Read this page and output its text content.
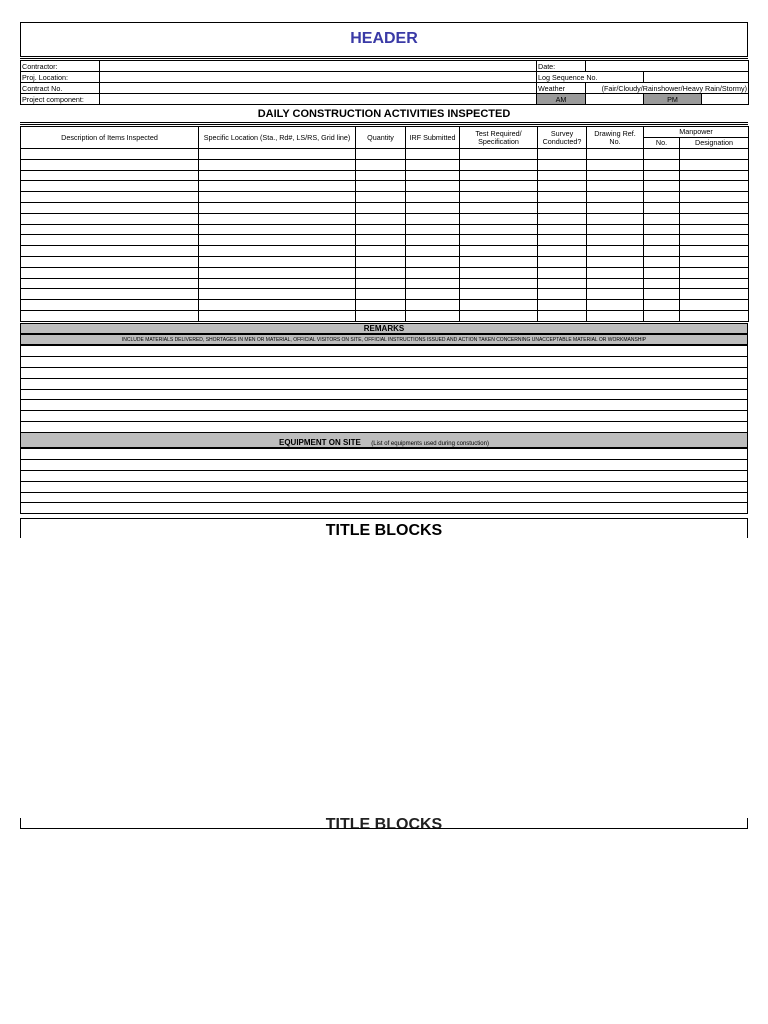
HEADER
Contractor:		Date:			
Proj. Location:		Log Sequence No.			
Contract No.		Weather	(Fair/Cloudy/Rainshower/Heavy Rain/Stormy)		
Project component:		AM		PM	
DAILY CONSTRUCTION ACTIVITIES INSPECTED
Description of Items Inspected	Specific Location (Sta., Rd#, LS/RS, Grid line)	Quantity	IRF Submitted	Test Required/ Specification	Survey Conducted?	Drawing Ref. No.	Manpower	
							No.	Designation

REMARKS
INCLUDE MATERIALS DELIVERED, SHORTAGES IN MEN OR MATERIAL, OFFICIAL VISITORS ON SITE, OFFICIAL INSTRUCTIONS ISSUED AND ACTION TAKEN CONCERNING UNACCEPTABLE MATERIAL OR WORKMANSHIP

EQUIPMENT ON SITE (List of equipments used during constuction)

TITLE BLOCKS
TITLE BLOCKS
